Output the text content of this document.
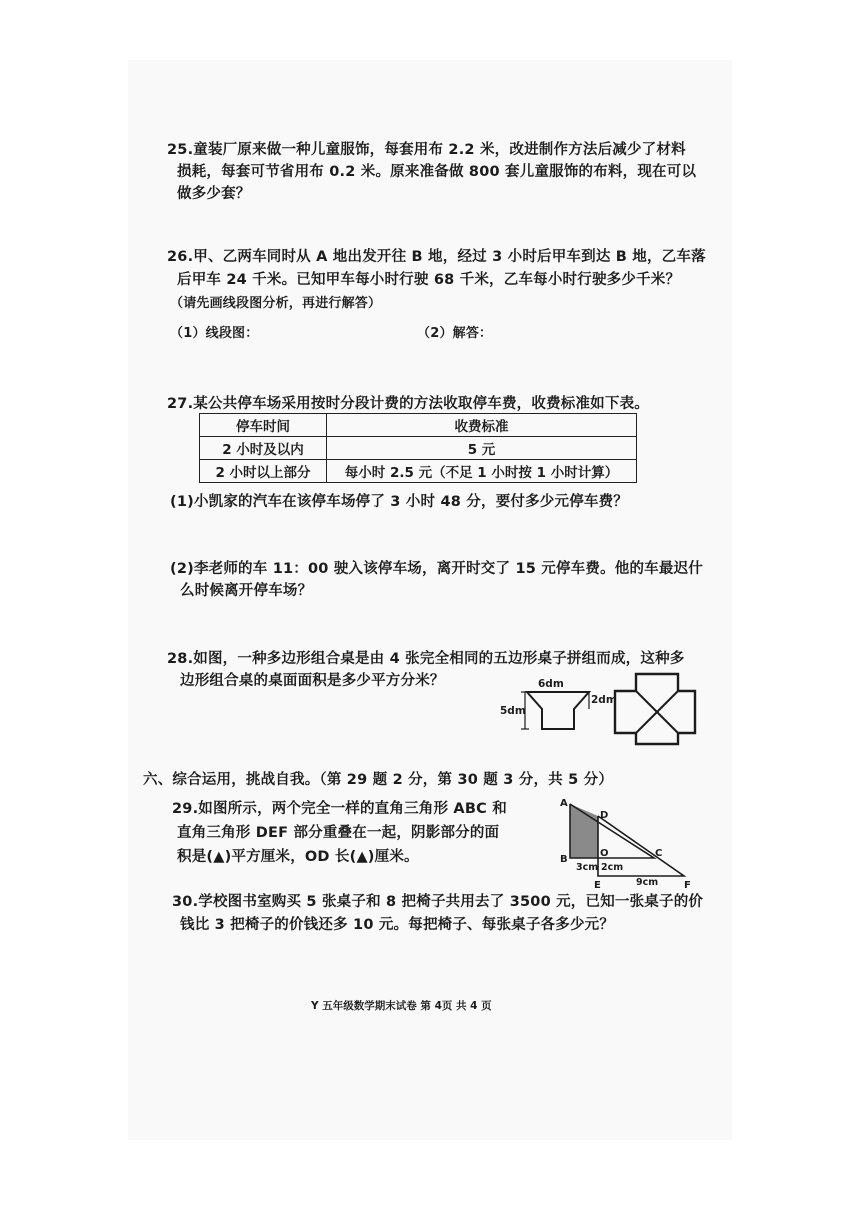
25.童装厂原来做一种儿童服饰，每套用布 2.2 米，改进制作方法后减少了材料
损耗，每套可节省用布 0.2 米。原来准备做 800 套儿童服饰的布料，现在可以
做多少套？
26.甲、乙两车同时从 A 地出发开往 B 地，经过 3 小时后甲车到达 B 地，乙车落
后甲车 24 千米。已知甲车每小时行驶 68 千米，乙车每小时行驶多少千米？
（请先画线段图分析，再进行解答）
（1）线段图：	（2）解答：
27.某公共停车场采用按时分段计费的方法收取停车费，收费标准如下表。
停车时间	收费标准
2 小时及以内	5 元
2 小时以上部分	每小时 2.5 元（不足 1 小时按 1 小时计算）
(1)小凯家的汽车在该停车场停了 3 小时 48 分，要付多少元停车费？
(2)李老师的车 11：00 驶入该停车场，离开时交了 15 元停车费。他的车最迟什
么时候离开停车场？
28.如图，一种多边形组合桌是由 4 张完全相同的五边形桌子拼组而成，这种多
边形组合桌的桌面面积是多少平方分米？	6dm
2dm
5dm
六、综合运用，挑战自我。（第 29 题 2 分，第 30 题 3 分，共 5 分）
29.如图所示，两个完全一样的直角三角形 ABC 和
直角三角形 DEF 部分重叠在一起，阴影部分的面
积是(▲)平方厘米，OD 长(▲)厘米。
A
D
B
O	C
E	F
3cm 2cm
9cm
30.学校图书室购买 5 张桌子和 8 把椅子共用去了 3500 元，已知一张桌子的价
钱比 3 把椅子的价钱还多 10 元。每把椅子、每张桌子各多少元？
Y 五年级数学期末试卷 第 4页 共 4 页
